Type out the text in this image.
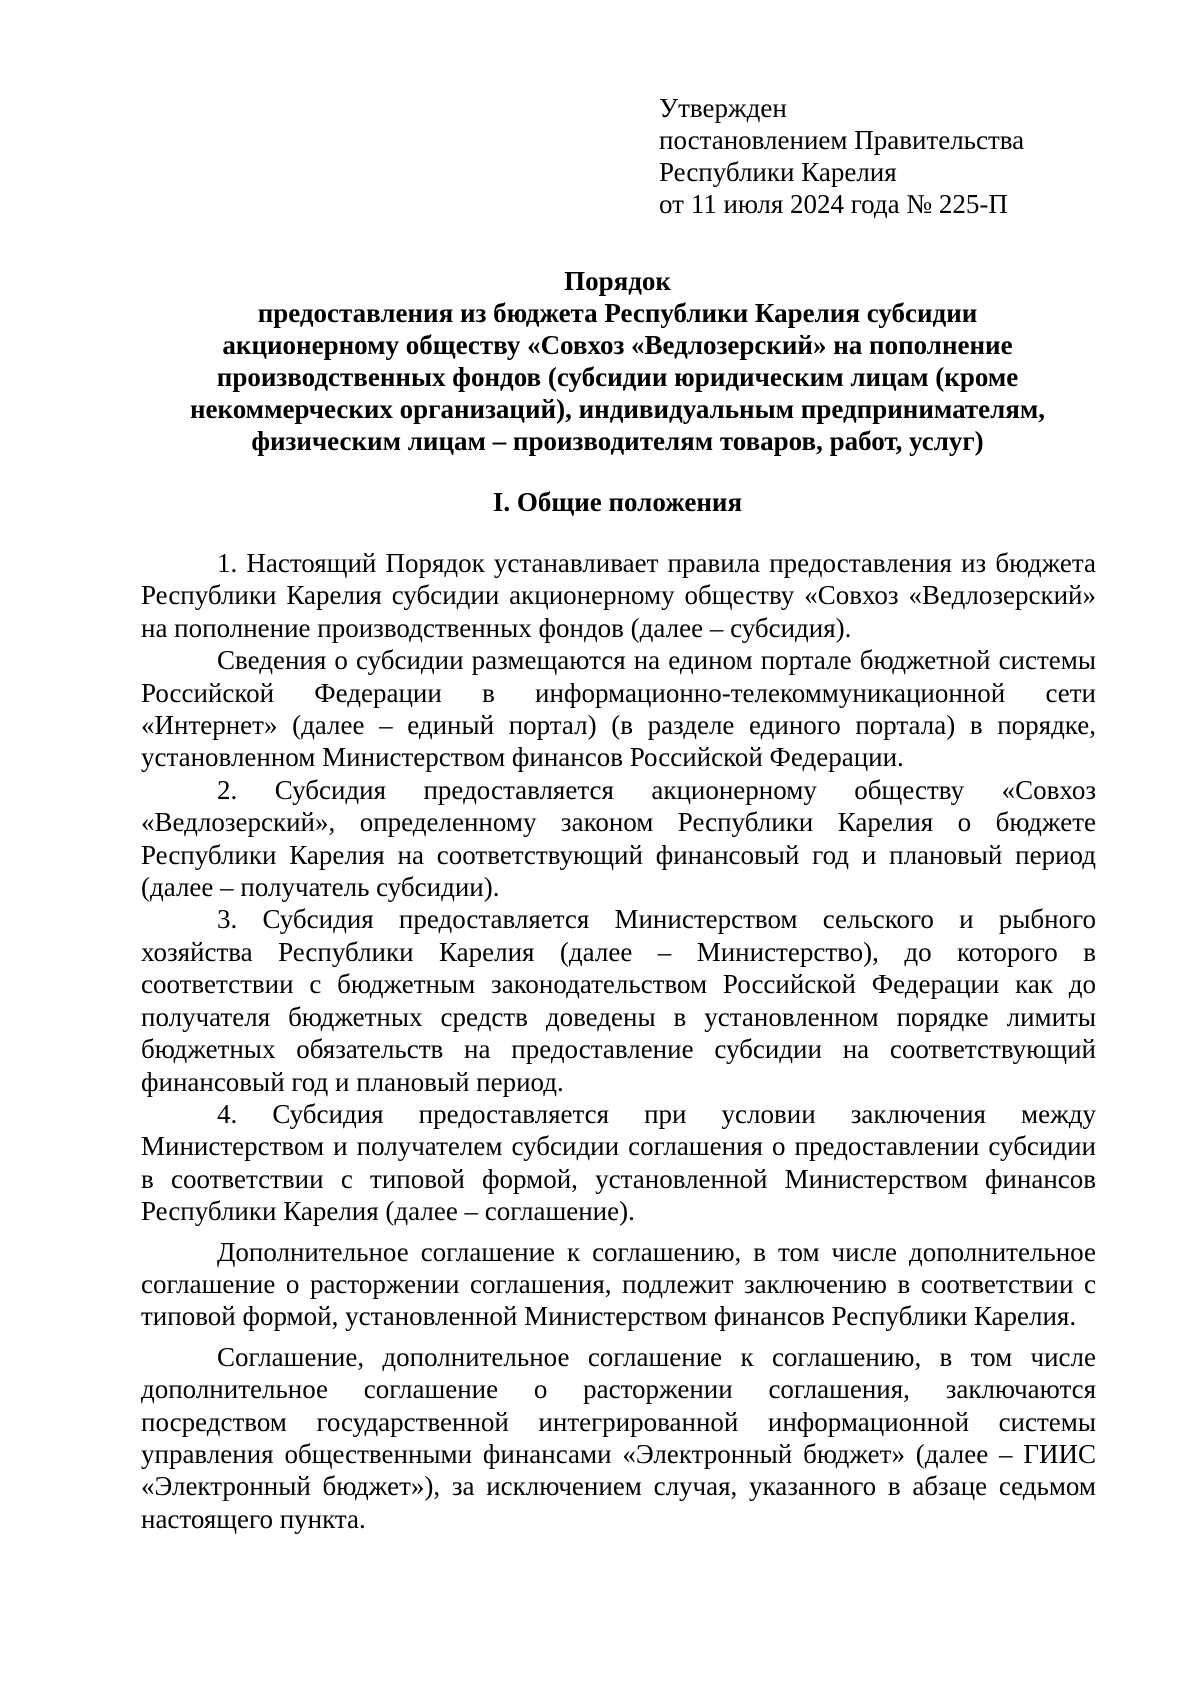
Утвержден
постановлением Правительства
Республики Карелия
от 11 июля 2024 года № 225-П
Порядок
предоставления из бюджета Республики Карелия субсидии
акционерному обществу «Совхоз «Ведлозерский» на пополнение
производственных фондов (субсидии юридическим лицам (кроме
некоммерческих организаций), индивидуальным предпринимателям,
физическим лицам – производителям товаров, работ, услуг)
I. Общие положения

1. Настоящий Порядок устанавливает правила предоставления из бюджета Республики Карелия субсидии акционерному обществу «Совхоз «Ведлозерский» на пополнение производственных фондов (далее – субсидия).

Сведения о субсидии размещаются на едином портале бюджетной системы Российской Федерации в информационно-телекоммуникационной сети «Интернет» (далее – единый портал) (в разделе единого портала) в порядке, установленном Министерством финансов Российской Федерации.

2. Субсидия предоставляется акционерному обществу «Совхоз «Ведлозерский», определенному законом Республики Карелия о бюджете Республики Карелия на соответствующий финансовый год и плановый период (далее – получатель субсидии).

3. Субсидия предоставляется Министерством сельского и рыбного хозяйства Республики Карелия (далее – Министерство), до которого в соответствии с бюджетным законодательством Российской Федерации как до получателя бюджетных средств доведены в установленном порядке лимиты бюджетных обязательств на предоставление субсидии на соответствующий финансовый год и плановый период.

4. Субсидия предоставляется при условии заключения между Министерством и получателем субсидии соглашения о предоставлении субсидии в соответствии с типовой формой, установленной Министерством финансов Республики Карелия (далее – соглашение).

Дополнительное соглашение к соглашению, в том числе дополнительное соглашение о расторжении соглашения, подлежит заключению в соответствии с типовой формой, установленной Министерством финансов Республики Карелия.

Соглашение, дополнительное соглашение к соглашению, в том числе дополнительное соглашение о расторжении соглашения, заключаются посредством государственной интегрированной информационной системы управления общественными финансами «Электронный бюджет» (далее – ГИИС «Электронный бюджет»), за исключением случая, указанного в абзаце седьмом настоящего пункта.
